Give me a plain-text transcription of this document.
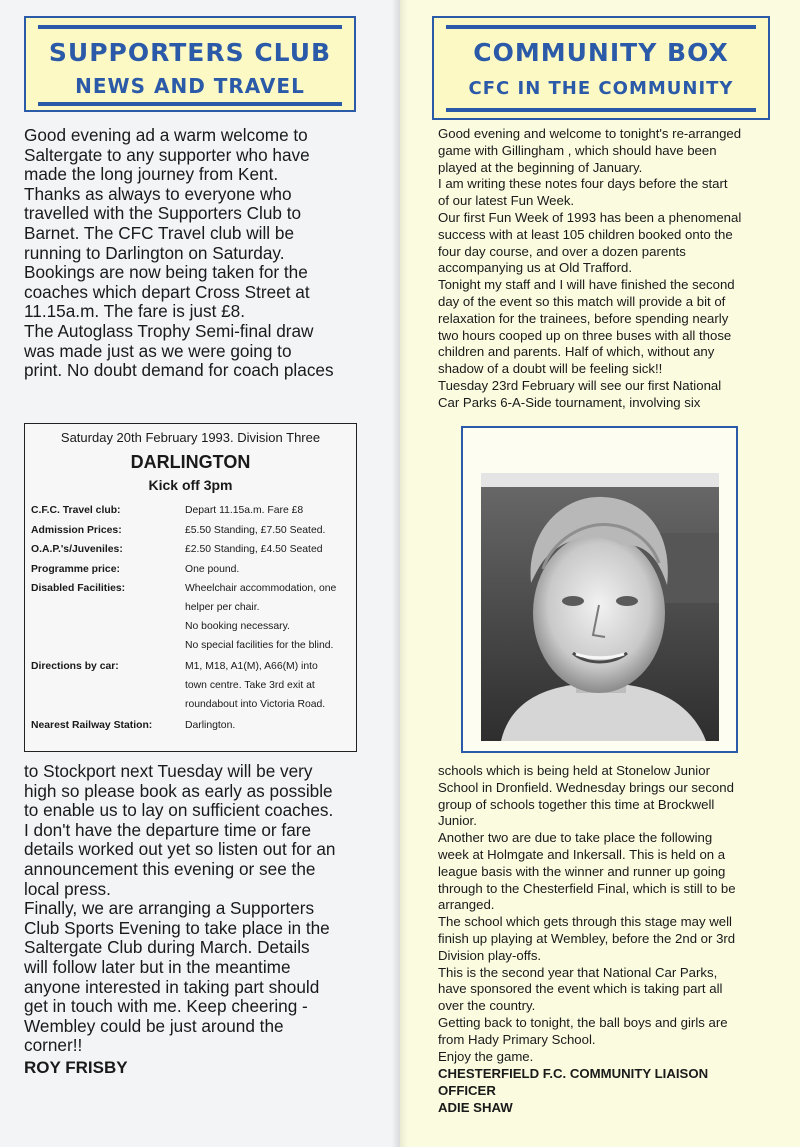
SUPPORTERS CLUB
NEWS AND TRAVEL
COMMUNITY BOX
CFC IN THE COMMUNITY

Good evening ad a warm welcome to

Saltergate to any supporter who have

made the long journey from Kent.

Thanks as always to everyone who

travelled with the Supporters Club to

Barnet. The CFC Travel club will be

running to Darlington on Saturday.

Bookings are now being taken for the

coaches which depart Cross Street at

11.15a.m. The fare is just £8.

The Autoglass Trophy Semi-final draw

was made just as we were going to

print. No doubt demand for coach places

Saturday 20th February 1993. Division Three
DARLINGTON
Kick off 3pm
C.F.C. Travel club:	Depart 11.15a.m. Fare £8
Admission Prices:	£5.50 Standing, £7.50 Seated.
O.A.P.'s/Juveniles:	£2.50 Standing, £4.50 Seated
Programme price:	One pound.
Disabled Facilities:	Wheelchair accommodation, one
helper per chair.
No booking necessary.
No special facilities for the blind.
Directions by car:	M1, M18, A1(M), A66(M) into
town centre. Take 3rd exit at
roundabout into Victoria Road.
Nearest Railway Station:	Darlington.

to Stockport next Tuesday will be very

high so please book as early as possible

to enable us to lay on sufficient coaches.

I don't have the departure time or fare

details worked out yet so listen out for an

announcement this evening or see the

local press.

Finally, we are arranging a Supporters

Club Sports Evening to take place in the

Saltergate Club during March. Details

will follow later but in the meantime

anyone interested in taking part should

get in touch with me. Keep cheering -

Wembley could be just around the

corner!!

ROY FRISBY

Good evening and welcome to tonight's re-arranged

game with Gillingham , which should have been

played at the beginning of January.

I am writing these notes four days before the start

of our latest Fun Week.

Our first Fun Week of 1993 has been a phenomenal

success with at least 105 children booked onto the

four day course, and over a dozen parents

accompanying us at Old Trafford.

Tonight my staff and I will have finished the second

day of the event so this match will provide a bit of

relaxation for the trainees, before spending nearly

two hours cooped up on three buses with all those

children and parents. Half of which, without any

shadow of a doubt will be feeling sick!!

Tuesday 23rd February will see our first National

Car Parks 6-A-Side tournament, involving six

schools which is being held at Stonelow Junior

School in Dronfield. Wednesday brings our second

group of schools together this time at Brockwell

Junior.

Another two are due to take place the following

week at Holmgate and Inkersall. This is held on a

league basis with the winner and runner up going

through to the Chesterfield Final, which is still to be

arranged.

The school which gets through this stage may well

finish up playing at Wembley, before the 2nd or 3rd

Division play-offs.

This is the second year that National Car Parks,

have sponsored the event which is taking part all

over the country.

Getting back to tonight, the ball boys and girls are

from Hady Primary School.

Enjoy the game.

CHESTERFIELD F.C. COMMUNITY LIAISON
OFFICER
ADIE SHAW
